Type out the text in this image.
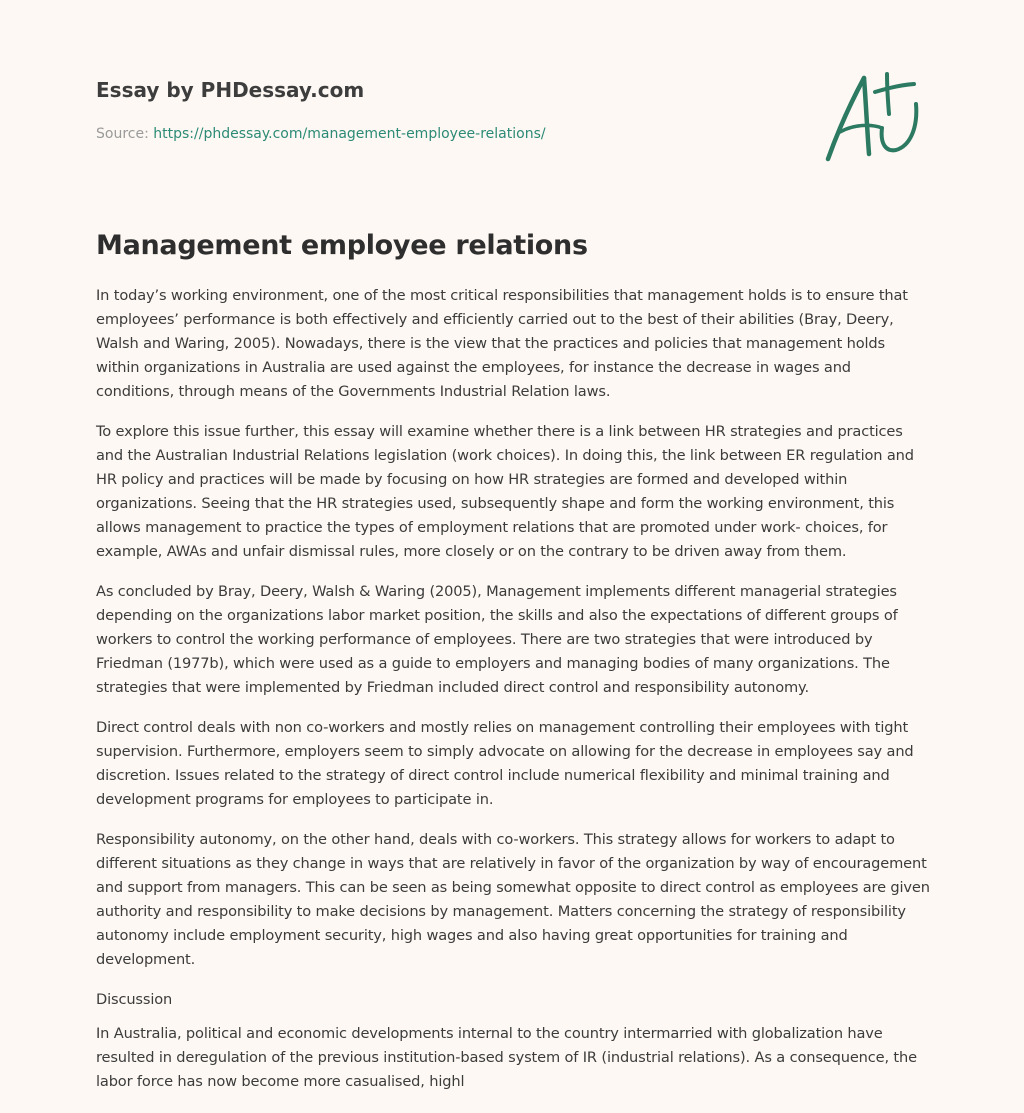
Essay by PHDessay.com
Source: https://phdessay.com/management-employee-relations/
Management employee relations

In today’s working environment, one of the most critical responsibilities that management holds is to ensure that employees’ performance is both effectively and efficiently carried out to the best of their abilities (Bray, Deery, Walsh and Waring, 2005). Nowadays, there is the view that the practices and policies that management holds within organizations in Australia are used against the employees, for instance the decrease in wages and conditions, through means of the Governments Industrial Relation laws.

To explore this issue further, this essay will examine whether there is a link between HR strategies and practices and the Australian Industrial Relations legislation (work choices). In doing this, the link between ER regulation and HR policy and practices will be made by focusing on how HR strategies are formed and developed within organizations. Seeing that the HR strategies used, subsequently shape and form the working environment, this allows management to practice the types of employment relations that are promoted under work- choices, for example, AWAs and unfair dismissal rules, more closely or on the contrary to be driven away from them.

As concluded by Bray, Deery, Walsh & Waring (2005), Management implements different managerial strategies depending on the organizations labor market position, the skills and also the expectations of different groups of workers to control the working performance of employees. There are two strategies that were introduced by Friedman (1977b), which were used as a guide to employers and managing bodies of many organizations. The strategies that were implemented by Friedman included direct control and responsibility autonomy.

Direct control deals with non co-workers and mostly relies on management controlling their employees with tight supervision. Furthermore, employers seem to simply advocate on allowing for the decrease in employees say and discretion. Issues related to the strategy of direct control include numerical flexibility and minimal training and development programs for employees to participate in.

Responsibility autonomy, on the other hand, deals with co-workers. This strategy allows for workers to adapt to different situations as they change in ways that are relatively in favor of the organization by way of encouragement and support from managers. This can be seen as being somewhat opposite to direct control as employees are given authority and responsibility to make decisions by management. Matters concerning the strategy of responsibility autonomy include employment security, high wages and also having great opportunities for training and development.

Discussion

In Australia, political and economic developments internal to the country intermarried with globalization have resulted in deregulation of the previous institution-based system of IR (industrial relations). As a consequence, the labor force has now become more casualised, highl
